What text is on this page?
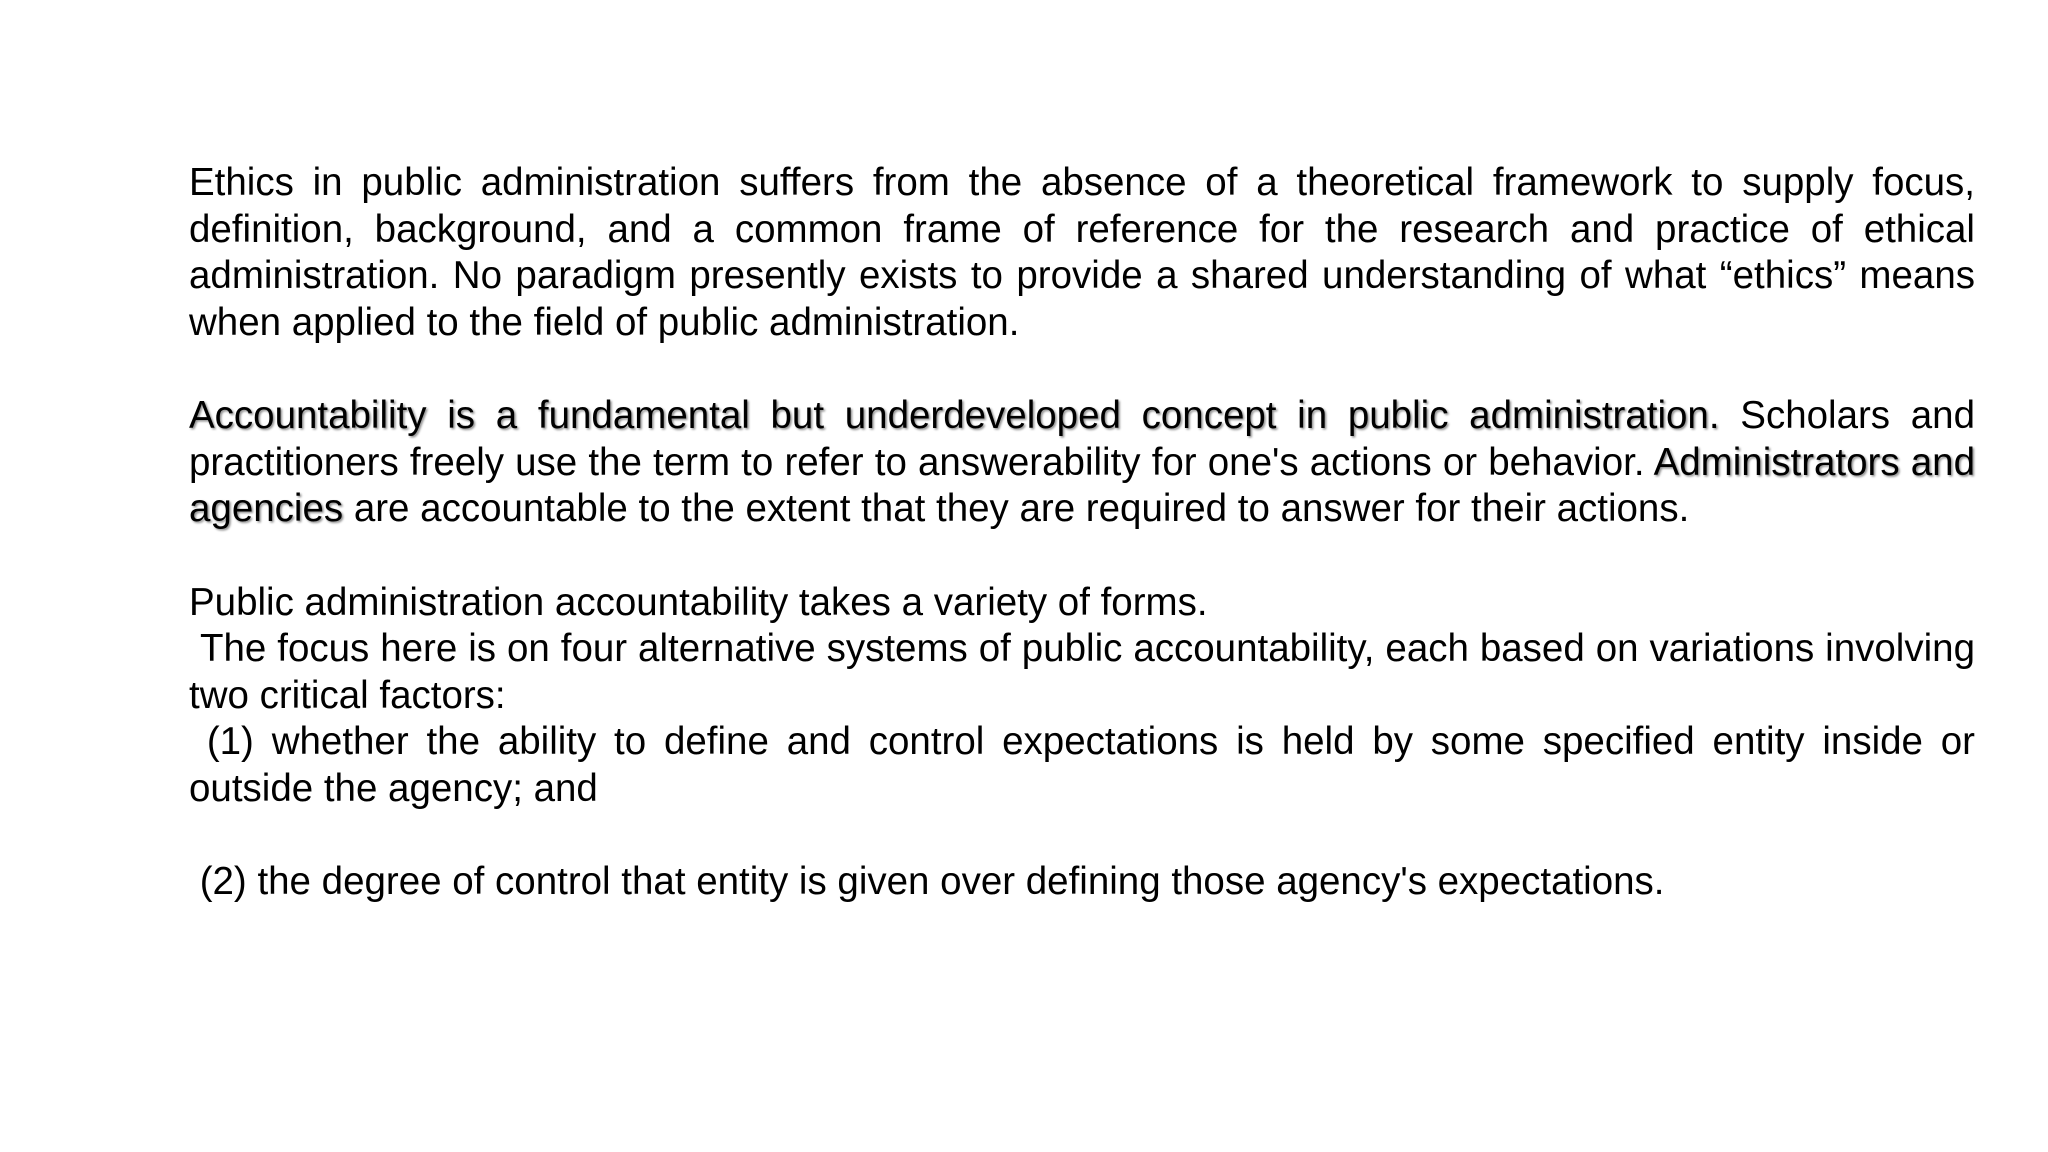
Ethics in public administration suffers from the absence of a theoretical framework to supply focus, definition, background, and a common frame of reference for the research and practice of ethical administration. No paradigm presently exists to provide a shared understanding of what “ethics” means when applied to the field of public administration.

Accountability is a fundamental but underdeveloped concept in public administration. Scholars and practitioners freely use the term to refer to answerability for one's actions or behavior. Administrators and agencies are accountable to the extent that they are required to answer for their actions.

Public administration accountability takes a variety of forms.

The focus here is on four alternative systems of public accountability, each based on variations involving two critical factors:

(1) whether the ability to define and control expectations is held by some specified entity inside or outside the agency; and

(2) the degree of control that entity is given over defining those agency's expectations.
